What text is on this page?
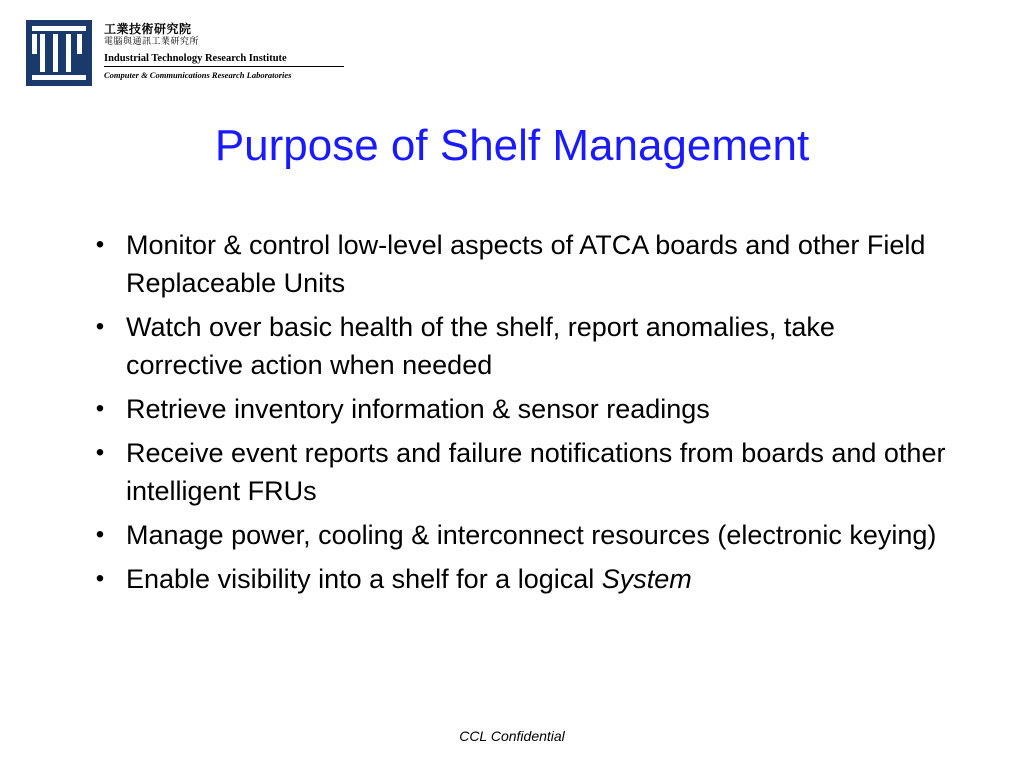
工業技術研究院
電腦與通訊工業研究所
Industrial Technology Research Institute
Computer & Communications Research Laboratories
Purpose of Shelf Management
• Monitor & control low-level aspects of ATCA boards and other Field Replaceable Units
• Watch over basic health of the shelf, report anomalies, take corrective action when needed
• Retrieve inventory information & sensor readings
• Receive event reports and failure notifications from boards and other intelligent FRUs
• Manage power, cooling & interconnect resources (electronic keying)
• Enable visibility into a shelf for a logical System
CCL Confidential
